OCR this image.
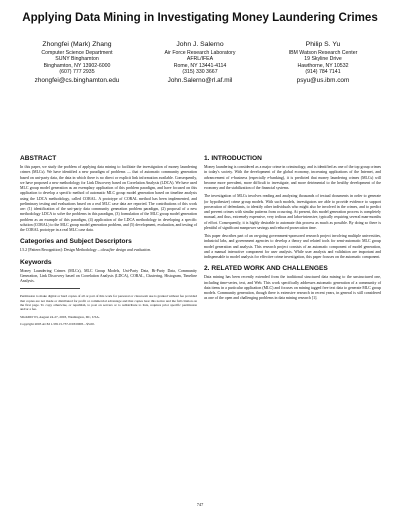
Applying Data Mining in Investigating Money Laundering Crimes
Zhongfei (Mark) Zhang
Computer Science Department
SUNY Binghamton
Binghamton, NY 13902-6000
(607) 777 2935
zhongfei@cs.binghamton.edu
John J. Salerno
Air Force Research Laboratory
AFRL/IFEA
Rome, NY 13441-4114
(315) 330 3667
John.Salerno@rl.af.mil
Philip S. Yu
IBM Watson Research Center
19 Skyline Drive
Hawthorne, NY 10532
(914) 784 7141
psyu@us.ibm.com
ABSTRACT

In this paper, we study the problem of applying data mining to facilitate the investigation of money laundering crimes (MLCs). We have identified a new paradigm of problems — that of automatic community generation based on uni-party data, the data in which there is no direct or explicit link information available. Consequently, we have proposed a new methodology for Link Discovery based on Correlation Analysis (LDCA). We have used MLC group model generation as an exemplary application of this problem paradigm, and have focused on this application to develop a specific method of automatic MLC group model generation based on timeline analysis using the LDCA methodology, called CORAL. A prototype of CORAL method has been implemented, and preliminary testing and evaluations based on a real MLC case data are reported. The contributions of this work are: (1) identification of the uni-party data community generation problem paradigm, (2) proposal of a new methodology LDCA to solve the problems in this paradigm, (3) formulation of the MLC group model generation problem as an example of this paradigm, (4) application of the LDCA methodology in developing a specific solution (CORAL) to the MLC group model generation problem, and (5) development, evaluation, and testing of the CORAL prototype in a real MLC case data.

Categories and Subject Descriptors

I.5.2 [Pattern Recognition]: Design Methodology – classifier design and evaluation.

Keywords

Money Laundering Crimes (MLCs), MLC Group Models, Uni-Party Data, Bi-Party Data, Community Generation, Link Discovery based on Correlation Analysis (LDCA), CORAL, Clustering, Histogram, Timeline Analysis.

Permission to make digital or hard copies of all or part of this work for personal or classroom use is granted without fee provided that copies are not made or distributed for profit or commercial advantage and that copies bear this notice and the full citation on the first page. To copy otherwise, or republish, to post on servers or to redistribute to lists, requires prior specific permission and/or a fee.

SIGKDD '03, August 24-27, 2003, Washington, DC, USA.

Copyright 2003 ACM 1-58113-737-0/03/0008…$5.00.

1. INTRODUCTION

Money laundering is considered as a major crime in criminology, and is identified as one of the top group crimes in today's society. With the development of the global economy, increasing applications of the Internet, and advancement of e-business (especially e-banking), it is predicted that money laundering crimes (MLCs) will become more prevalent, more difficult to investigate, and more detrimental to the healthy development of the economy and the stabilization of the financial systems.

The investigation of MLCs involves reading and analyzing thousands of textual documents in order to generate (or hypothesize) crime group models. With such models, investigators are able to provide evidence to support prosecution of defendants, to identify other individuals who might also be involved in the crimes, and to predict and prevent crimes with similar patterns from occurring. At present, this model generation process is completely manual, and thus, extremely expensive, very tedious and labor-intensive, typically requiring several man-months of effort. Consequently, it is highly desirable to automate this process as much as possible. By doing so there is plentiful of significant manpower savings and reduced prosecution time.

This paper describes part of an on-going government-sponsored research project involving multiple universities, industrial labs, and government agencies to develop a theory and related tools for semi-automatic MLC group model generation and analysis. This research project consists of an automatic component of model generation, and a manual interactive component for user analysis. While user analysis and validation are important and indispensable to model analysis for effective crime investigation, this paper focuses on the automatic component.

2. RELATED WORK AND CHALLENGES

Data mining has been recently extended from the traditional structured data mining to the unstructured one, including time-series, text, and Web. This work specifically addresses automatic generation of a community of data items in a particular application (MLC) and focuses on mining tagged free text data to generate MLC group models. Community generation, though there is extensive research in recent years, in general is still considered as one of the open and challenging problems in data mining research [1].

747
